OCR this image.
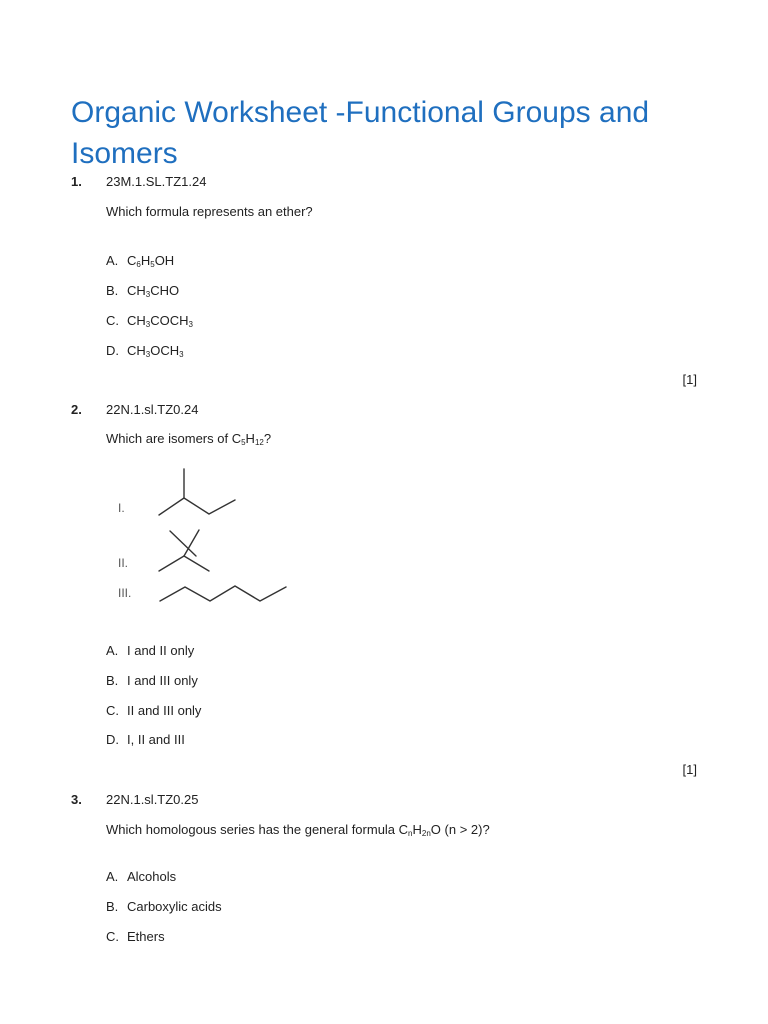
Organic Worksheet -Functional Groups and Isomers
1. 23M.1.SL.TZ1.24
Which formula represents an ether?
A. $C_6H_5OH$
B. $CH_3CHO$
C. $CH_3COCH_3$
D. $CH_3OCH_3$
[1]
2. 22N.1.sl.TZ0.24
Which are isomers of $C_5H_{12}$?
I.
II.
III.
A. I and II only
B. I and III only
C. II and III only
D. I, II and III
[1]
3. 22N.1.sl.TZ0.25
Which homologous series has the general formula $C_nH_{2n}O$ (n > 2)?
A. Alcohols
B. Carboxylic acids
C. Ethers
